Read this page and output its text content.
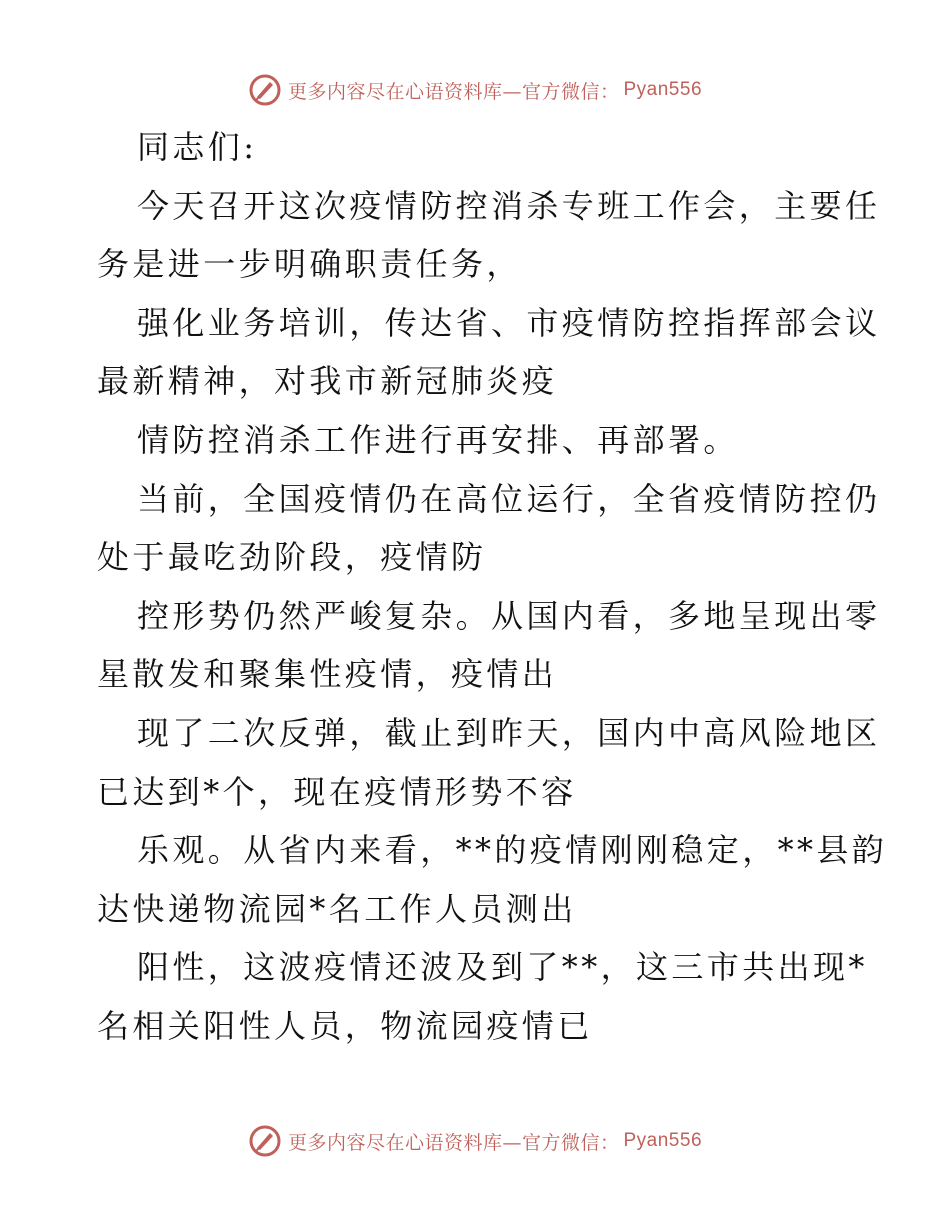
更多内容尽在心语资料库—官方微信： Pyan556
同志们:
今天召开这次疫情防控消杀专班工作会，主要任
务是进一步明确职责任务，
强化业务培训，传达省、市疫情防控指挥部会议
最新精神，对我市新冠肺炎疫
情防控消杀工作进行再安排、再部署。
当前，全国疫情仍在高位运行，全省疫情防控仍
处于最吃劲阶段，疫情防
控形势仍然严峻复杂。从国内看，多地呈现出零
星散发和聚集性疫情，疫情出
现了二次反弹，截止到昨天，国内中高风险地区
已达到*个，现在疫情形势不容
乐观。从省内来看，**的疫情刚刚稳定，**县韵
达快递物流园*名工作人员测出
阳性，这波疫情还波及到了**，这三市共出现*
名相关阳性人员，物流园疫情已
更多内容尽在心语资料库—官方微信： Pyan556
